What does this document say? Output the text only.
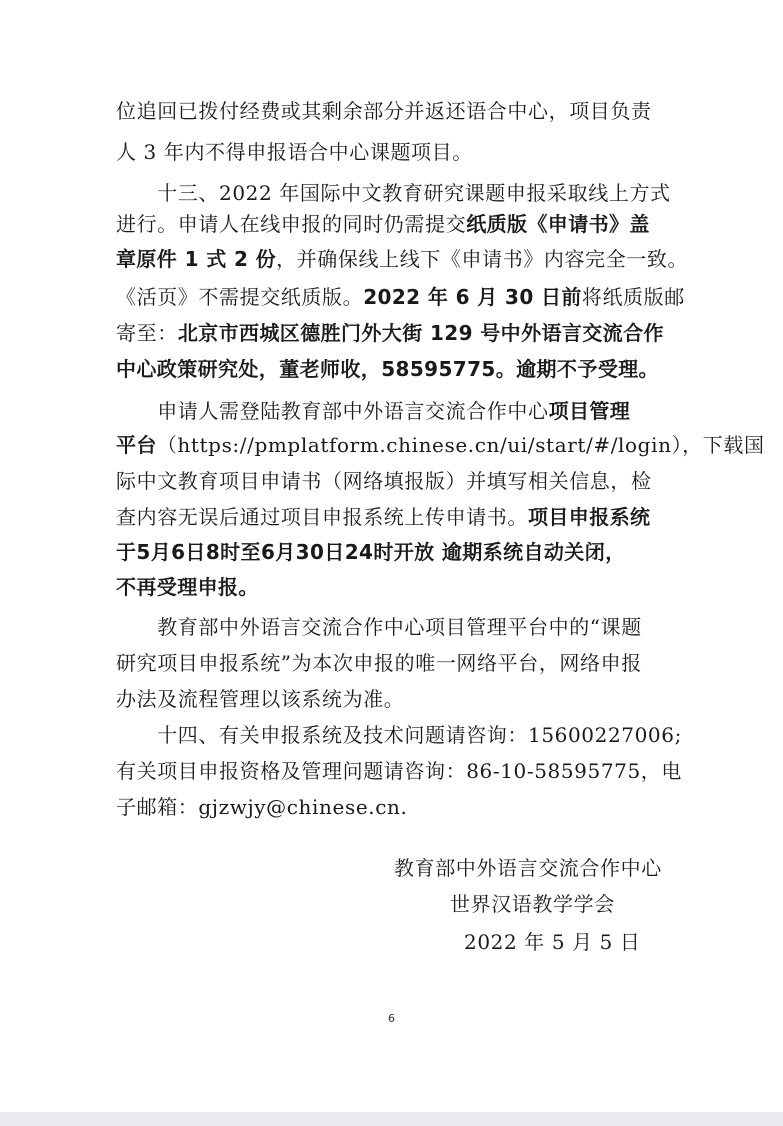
位追回已拨付经费或其剩余部分并返还语合中心，项目负责
人 3 年内不得申报语合中心课题项目。
　　十三、2022 年国际中文教育研究课题申报采取线上方式
进行。申请人在线申报的同时仍需提交纸质版《申请书》盖
章原件 1 式 2 份，并确保线上线下《申请书》内容完全一致。
《活页》不需提交纸质版。2022 年 6 月 30 日前将纸质版邮
寄至：北京市西城区德胜门外大街 129 号中外语言交流合作
中心政策研究处，董老师收，58595775。逾期不予受理。
　　申请人需登陆教育部中外语言交流合作中心项目管理
平台（https://pmplatform.chinese.cn/ui/start/#/login），下载国
际中文教育项目申请书（网络填报版）并填写相关信息，检
查内容无误后通过项目申报系统上传申请书。项目申报系统
于5月6日8时至6月30日24时开放 逾期系统自动关闭，
不再受理申报。
　　教育部中外语言交流合作中心项目管理平台中的“课题
研究项目申报系统”为本次申报的唯一网络平台，网络申报
办法及流程管理以该系统为准。
　　十四、有关申报系统及技术问题请咨询：15600227006;
有关项目申报资格及管理问题请咨询：86-10-58595775，电
子邮箱：gjzwjy@chinese.cn.
教育部中外语言交流合作中心
世界汉语教学学会
2022 年 5 月 5 日
6
